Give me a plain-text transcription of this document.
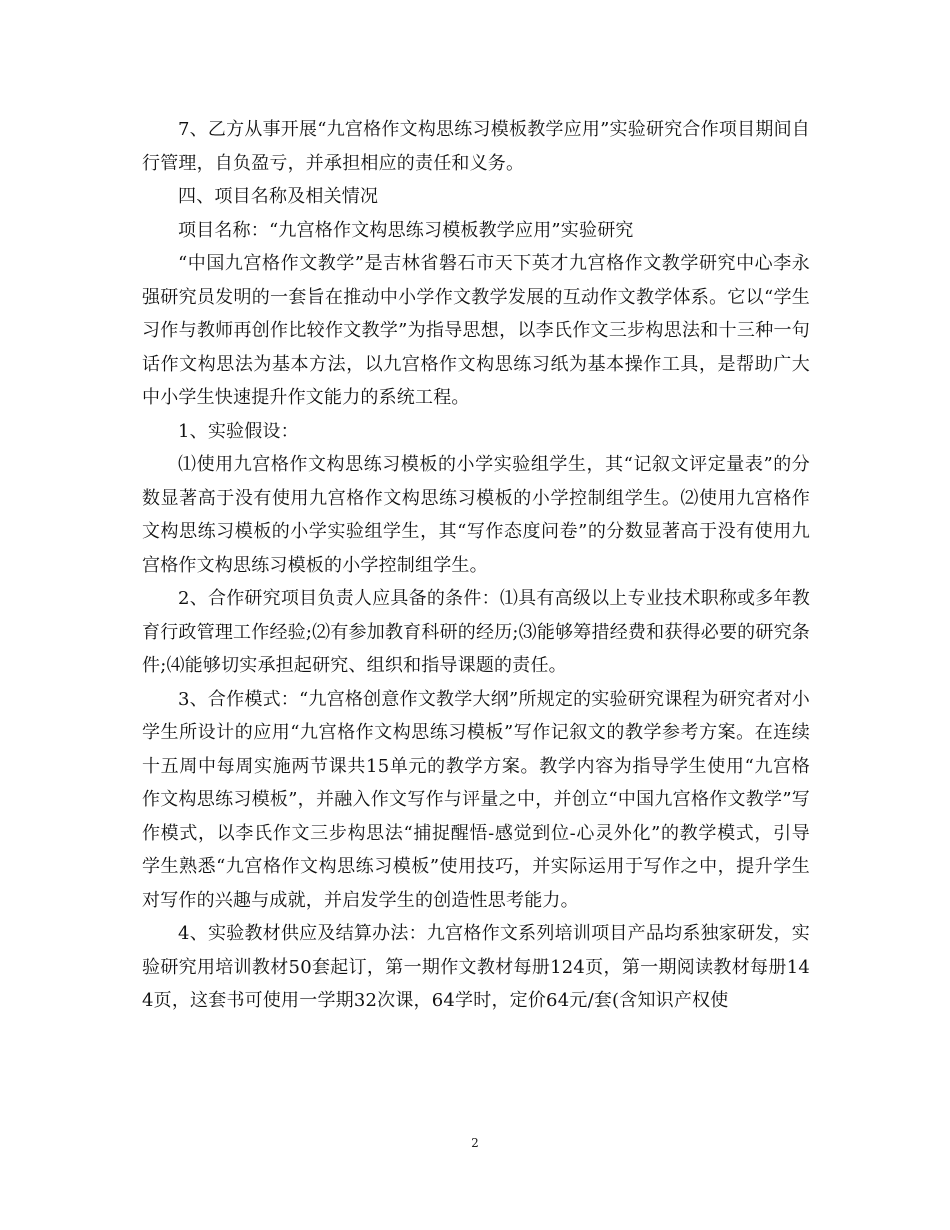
7、乙方从事开展“九宫格作文构思练习模板教学应用”实验研究合作项目期间自行管理，自负盈亏，并承担相应的责任和义务。

四、项目名称及相关情况

项目名称：“九宫格作文构思练习模板教学应用”实验研究

“中国九宫格作文教学”是吉林省磐石市天下英才九宫格作文教学研究中心李永强研究员发明的一套旨在推动中小学作文教学发展的互动作文教学体系。它以“学生习作与教师再创作比较作文教学”为指导思想，以李氏作文三步构思法和十三种一句话作文构思法为基本方法，以九宫格作文构思练习纸为基本操作工具，是帮助广大中小学生快速提升作文能力的系统工程。

1、实验假设：

⑴使用九宫格作文构思练习模板的小学实验组学生，其“记叙文评定量表”的分数显著高于没有使用九宫格作文构思练习模板的小学控制组学生。⑵使用九宫格作文构思练习模板的小学实验组学生，其“写作态度问卷”的分数显著高于没有使用九宫格作文构思练习模板的小学控制组学生。

2、合作研究项目负责人应具备的条件：⑴具有高级以上专业技术职称或多年教育行政管理工作经验;⑵有参加教育科研的经历;⑶能够筹措经费和获得必要的研究条件;⑷能够切实承担起研究、组织和指导课题的责任。

3、合作模式：“九宫格创意作文教学大纲”所规定的实验研究课程为研究者对小学生所设计的应用“九宫格作文构思练习模板”写作记叙文的教学参考方案。在连续十五周中每周实施两节课共15单元的教学方案。教学内容为指导学生使用“九宫格作文构思练习模板”，并融入作文写作与评量之中，并创立“中国九宫格作文教学”写作模式，以李氏作文三步构思法“捕捉醒悟-感觉到位-心灵外化”的教学模式，引导学生熟悉“九宫格作文构思练习模板”使用技巧，并实际运用于写作之中，提升学生对写作的兴趣与成就，并启发学生的创造性思考能力。

4、实验教材供应及结算办法：九宫格作文系列培训项目产品均系独家研发，实验研究用培训教材50套起订，第一期作文教材每册124页，第一期阅读教材每册144页，这套书可使用一学期32次课，64学时，定价64元/套(含知识产权使

2
